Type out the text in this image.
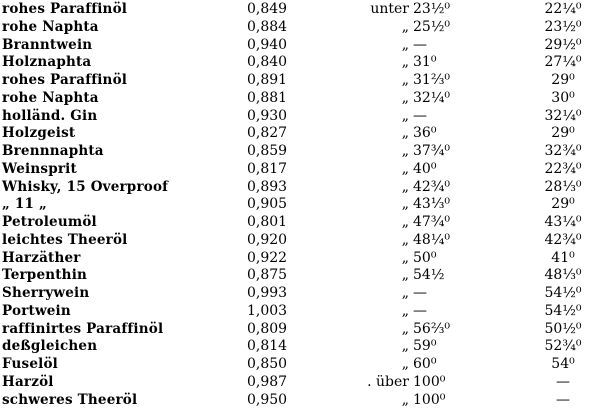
rohes Paraffinöl	0,849	unter 23½⁰	22¼⁰
rohe Naphta	0,884	„ 25½⁰	23½⁰
Branntwein	0,940	„ —	29½⁰
Holznaphta	0,840	„ 31⁰	27¼⁰
rohes Paraffinöl	0,891	„ 31⅔⁰	29⁰
rohe Naphta	0,881	„ 32¼⁰	30⁰
holländ. Gin	0,930	„ —	32¼⁰
Holzgeist	0,827	„ 36⁰	29⁰
Brennnaphta	0,859	„ 37¾⁰	32¾⁰
Weinsprit	0,817	„ 40⁰	22¾⁰
Whisky, 15 Overproof	0,893	„ 42¾⁰	28⅓⁰
„ 11 „	0,905	„ 43⅓⁰	29⁰
Petroleumöl	0,801	„ 47¾⁰	43¼⁰
leichtes Theeröl	0,920	„ 48¼⁰	42¾⁰
Harzäther	0,922	„ 50⁰	41⁰
Terpenthin	0,875	„ 54½	48⅓⁰
Sherrywein	0,993	„ —	54½⁰
Portwein	1,003	„ —	54½⁰
raffinirtes Paraffinöl	0,809	„ 56⅔⁰	50½⁰
deßgleichen	0,814	„ 59⁰	52¾⁰
Fuselöl	0,850	„ 60⁰	54⁰
Harzöl	0,987	. über 100⁰	—
schweres Theeröl	0,950	„ 100⁰	—
